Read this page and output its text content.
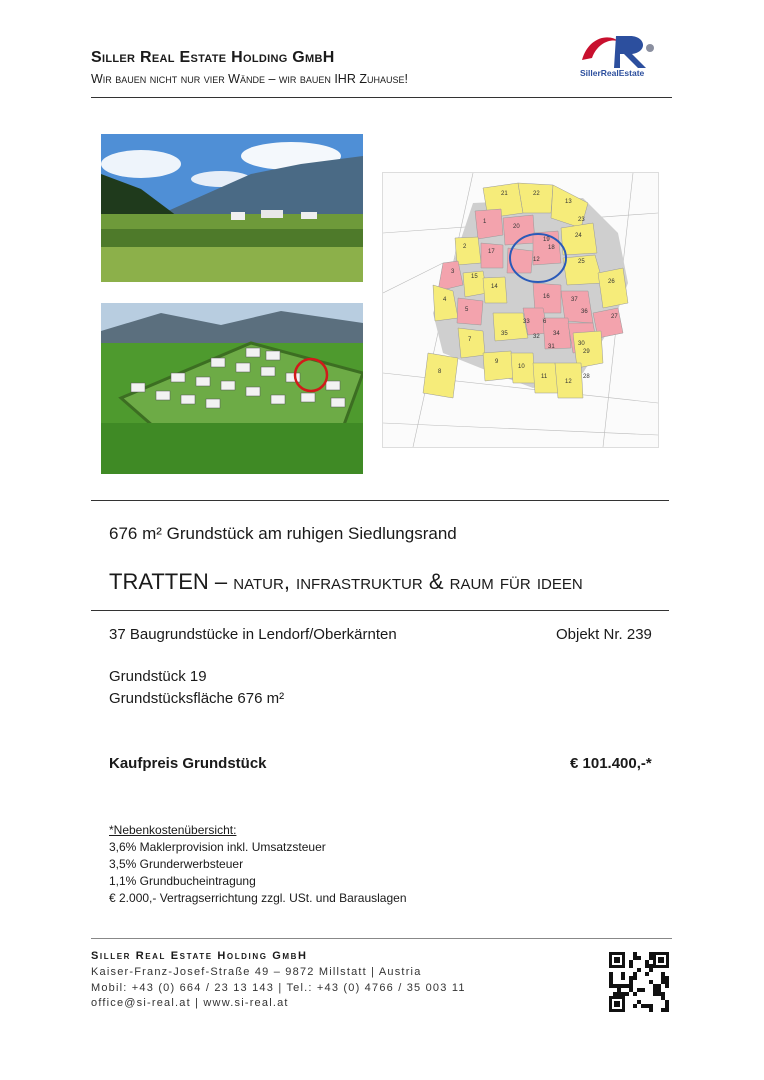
Siller Real Estate Holding GmbH
Wir bauen nicht nur vier Wände – wir bauen IHR Zuhause!	SillerRealEstate
21	22
13
23
1
20
19
18
24
2
17
25
3
15
12
26
4
14
27
5
16	37
36
6
33
34
35	32
31	30
7
29
8
9
10
11	28
12
676 m² Grundstück am ruhigen Siedlungsrand
TRATTEN – natur, infrastruktur & raum für ideen
37 Baugrundstücke in Lendorf/Oberkärnten	Objekt Nr. 239
Grundstück 19
Grundstücksfläche 676 m²
Kaufpreis Grundstück	€ 101.400,-*
*Nebenkostenübersicht:
3,6% Maklerprovision inkl. Umsatzsteuer
3,5% Grunderwerbsteuer
1,1% Grundbucheintragung
€ 2.000,- Vertragserrichtung zzgl. USt. und Barauslagen
Siller Real Estate Holding GmbH
Kaiser-Franz-Josef-Straße 49 – 9872 Millstatt | Austria
Mobil: +43 (0) 664 / 23 13 143 | Tel.: +43 (0) 4766 / 35 003 11
office@si-real.at | www.si-real.at
